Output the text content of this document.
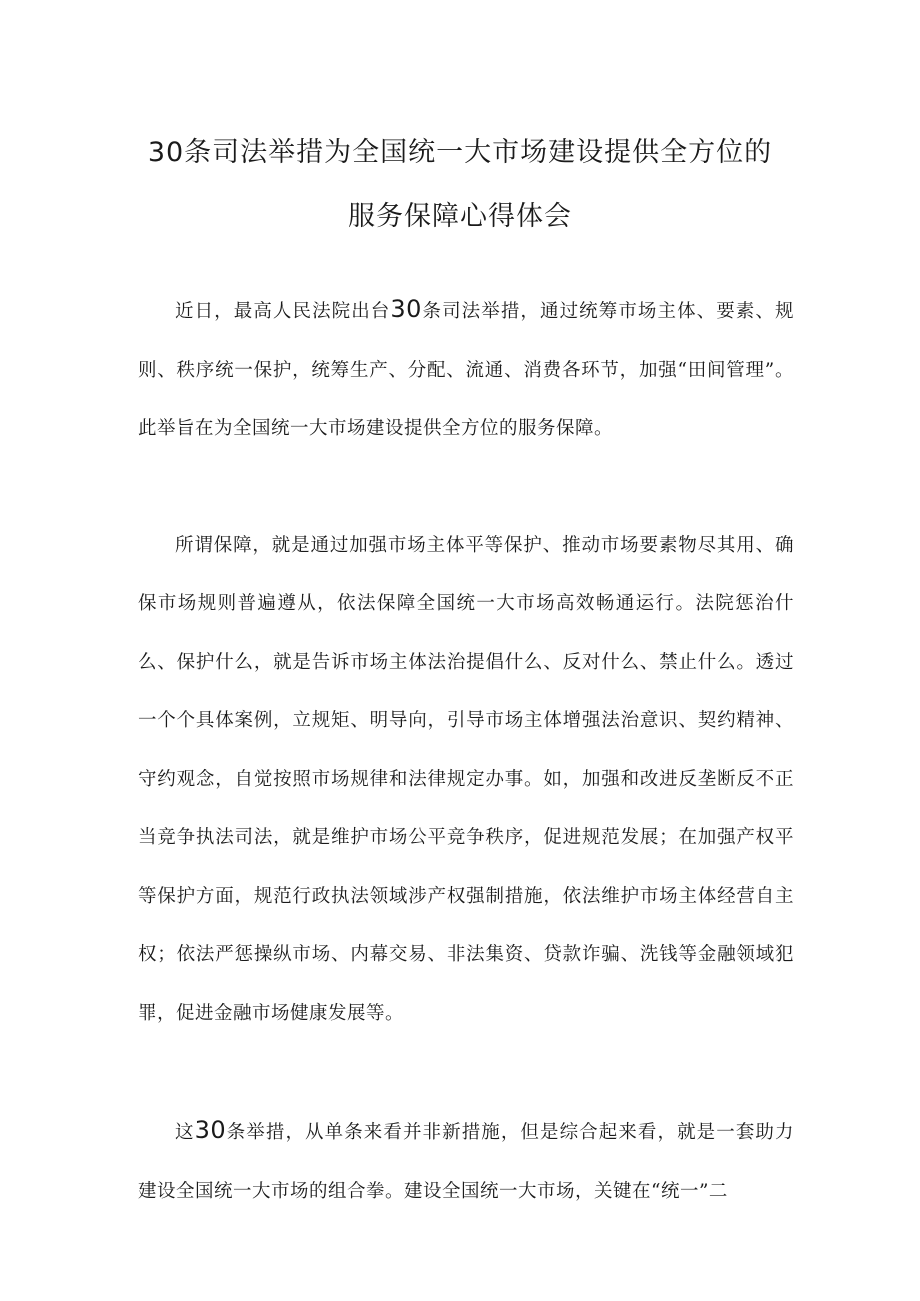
30条司法举措为全国统一大市场建设提供全方位的

服务保障心得体会

近日，最高人民法院出台30条司法举措，通过统筹市场主体、要素、规则、秩序统一保护，统筹生产、分配、流通、消费各环节，加强“田间管理”。此举旨在为全国统一大市场建设提供全方位的服务保障。

所谓保障，就是通过加强市场主体平等保护、推动市场要素物尽其用、确保市场规则普遍遵从，依法保障全国统一大市场高效畅通运行。法院惩治什么、保护什么，就是告诉市场主体法治提倡什么、反对什么、禁止什么。透过一个个具体案例，立规矩、明导向，引导市场主体增强法治意识、契约精神、守约观念，自觉按照市场规律和法律规定办事。如，加强和改进反垄断反不正当竞争执法司法，就是维护市场公平竞争秩序，促进规范发展；在加强产权平等保护方面，规范行政执法领域涉产权强制措施，依法维护市场主体经营自主权；依法严惩操纵市场、内幕交易、非法集资、贷款诈骗、洗钱等金融领域犯罪，促进金融市场健康发展等。

这30条举措，从单条来看并非新措施，但是综合起来看，就是一套助力建设全国统一大市场的组合拳。建设全国统一大市场，关键在“统一”二
